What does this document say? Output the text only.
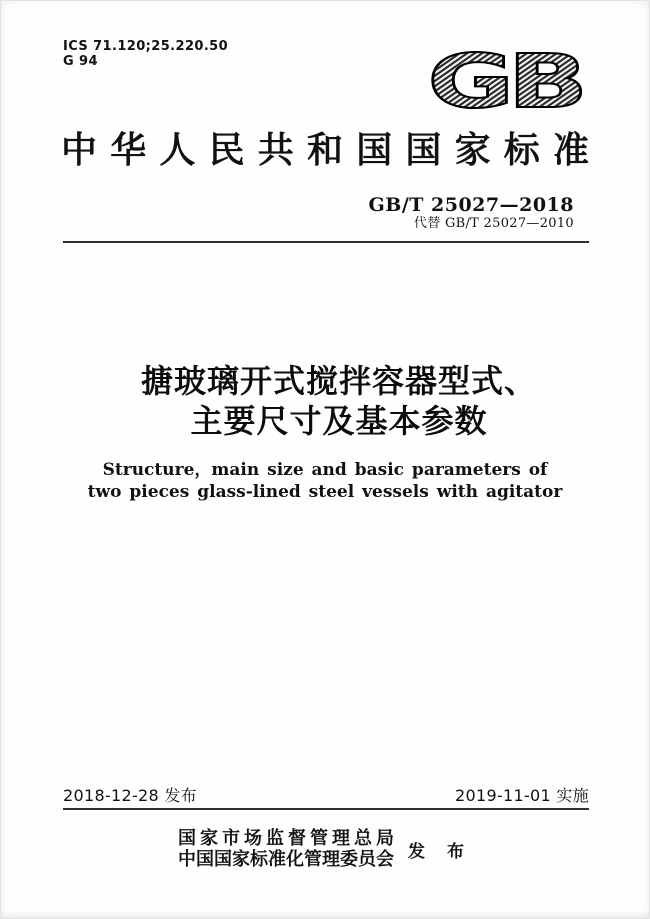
ICS 71.120;25.220.50
G 94	GB
中华人民共和国国家标准
GB/T 25027—2018
代替 GB/T 25027—2010
搪玻璃开式搅拌容器型式、
主要尺寸及基本参数
Structure，main size and basic parameters of
two pieces glass-lined steel vessels with agitator
2018-12-28 发布	2019-11-01 实施
国家市场监督管理总局
中国国家标准化管理委员会 发 布
